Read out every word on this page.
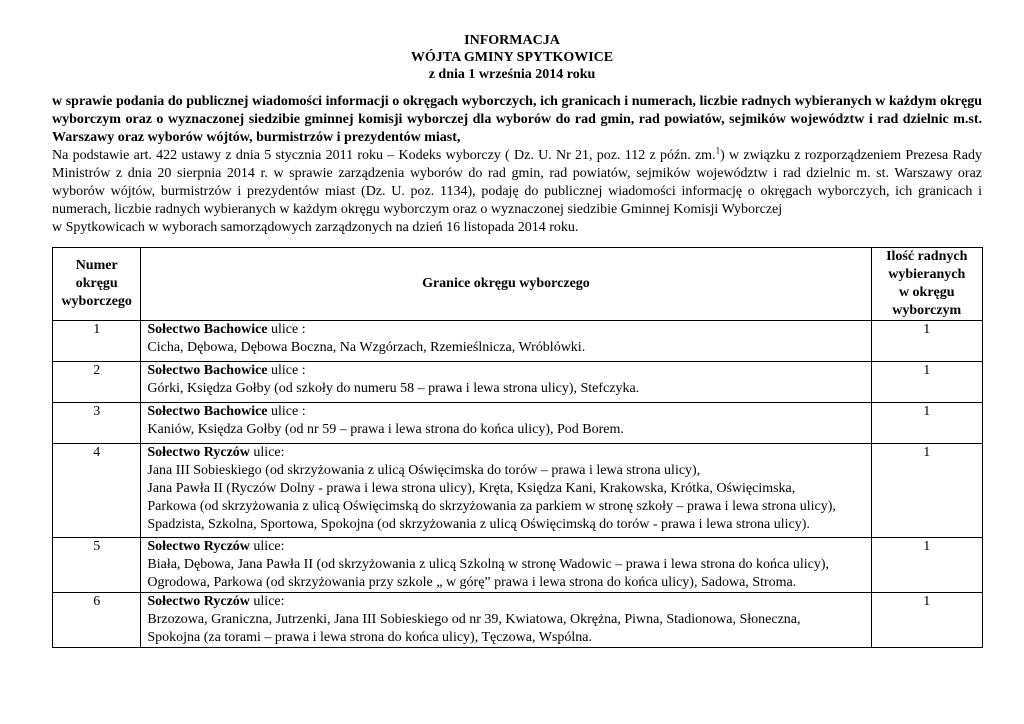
INFORMACJA
WÓJTA GMINY SPYTKOWICE
z dnia 1 września 2014 roku
w sprawie podania do publicznej wiadomości informacji o okręgach wyborczych, ich granicach i numerach, liczbie radnych wybieranych w każdym okręgu wyborczym oraz o wyznaczonej siedzibie gminnej komisji wyborczej dla wyborów do rad gmin, rad powiatów, sejmików województw i rad dzielnic m.st. Warszawy oraz wyborów wójtów, burmistrzów i prezydentów miast,
Na podstawie art. 422 ustawy z dnia 5 stycznia 2011 roku – Kodeks wyborczy ( Dz. U. Nr 21, poz. 112 z późn. zm.$^1$) w związku z rozporządzeniem Prezesa Rady Ministrów z dnia 20 sierpnia 2014 r. w sprawie zarządzenia wyborów do rad gmin, rad powiatów, sejmików województw i rad dzielnic m. st. Warszawy oraz wyborów wójtów, burmistrzów i prezydentów miast (Dz. U. poz. 1134), podaję do publicznej wiadomości informację o okręgach wyborczych, ich granicach i numerach, liczbie radnych wybieranych w każdym okręgu wyborczym oraz o wyznaczonej siedzibie Gminnej Komisji Wyborczej
w Spytkowicach w wyborach samorządowych zarządzonych na dzień 16 listopada 2014 roku.
Numer
okręgu
wyborczego	Granice okręgu wyborczego	Ilość radnych
wybieranych
w okręgu
wyborczym

1	Sołectwo Bachowice ulice :
Cicha, Dębowa, Dębowa Boczna, Na Wzgórzach, Rzemieślnicza, Wróblówki.	1
2	Sołectwo Bachowice ulice :
Górki, Księdza Gołby (od szkoły do numeru 58 – prawa i lewa strona ulicy), Stefczyka.	1
3	Sołectwo Bachowice ulice :
Kaniów, Księdza Gołby (od nr 59 – prawa i lewa strona do końca ulicy), Pod Borem.	1
4	Sołectwo Ryczów ulice:
Jana III Sobieskiego (od skrzyżowania z ulicą Oświęcimska do torów – prawa i lewa strona ulicy),
Jana Pawła II (Ryczów Dolny - prawa i lewa strona ulicy), Kręta, Księdza Kani, Krakowska, Krótka, Oświęcimska,
Parkowa (od skrzyżowania z ulicą Oświęcimską do skrzyżowania za parkiem w stronę szkoły – prawa i lewa strona ulicy),
Spadzista, Szkolna, Sportowa, Spokojna (od skrzyżowania z ulicą Oświęcimską do torów - prawa i lewa strona ulicy).	1
5	Sołectwo Ryczów ulice:
Biała, Dębowa, Jana Pawła II (od skrzyżowania z ulicą Szkolną w stronę Wadowic – prawa i lewa strona do końca ulicy),
Ogrodowa, Parkowa (od skrzyżowania przy szkole „ w górę” prawa i lewa strona do końca ulicy), Sadowa, Stroma.	1
6	Sołectwo Ryczów ulice:
Brzozowa, Graniczna, Jutrzenki, Jana III Sobieskiego od nr 39, Kwiatowa, Okrężna, Piwna, Stadionowa, Słoneczna,
Spokojna (za torami – prawa i lewa strona do końca ulicy), Tęczowa, Wspólna.	1
